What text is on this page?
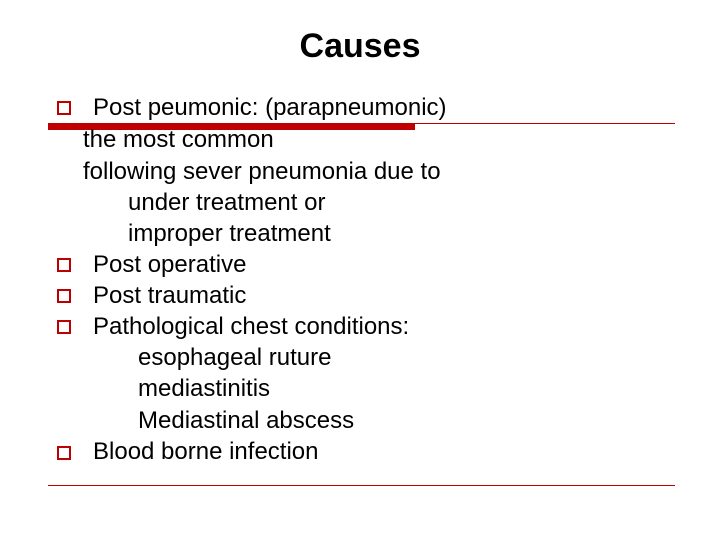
Causes
Post peumonic: (parapneumonic)
the most common
following sever pneumonia due to
under treatment or
improper treatment
Post operative
Post traumatic
Pathological chest conditions:
esophageal ruture
mediastinitis
Mediastinal abscess
Blood borne infection
